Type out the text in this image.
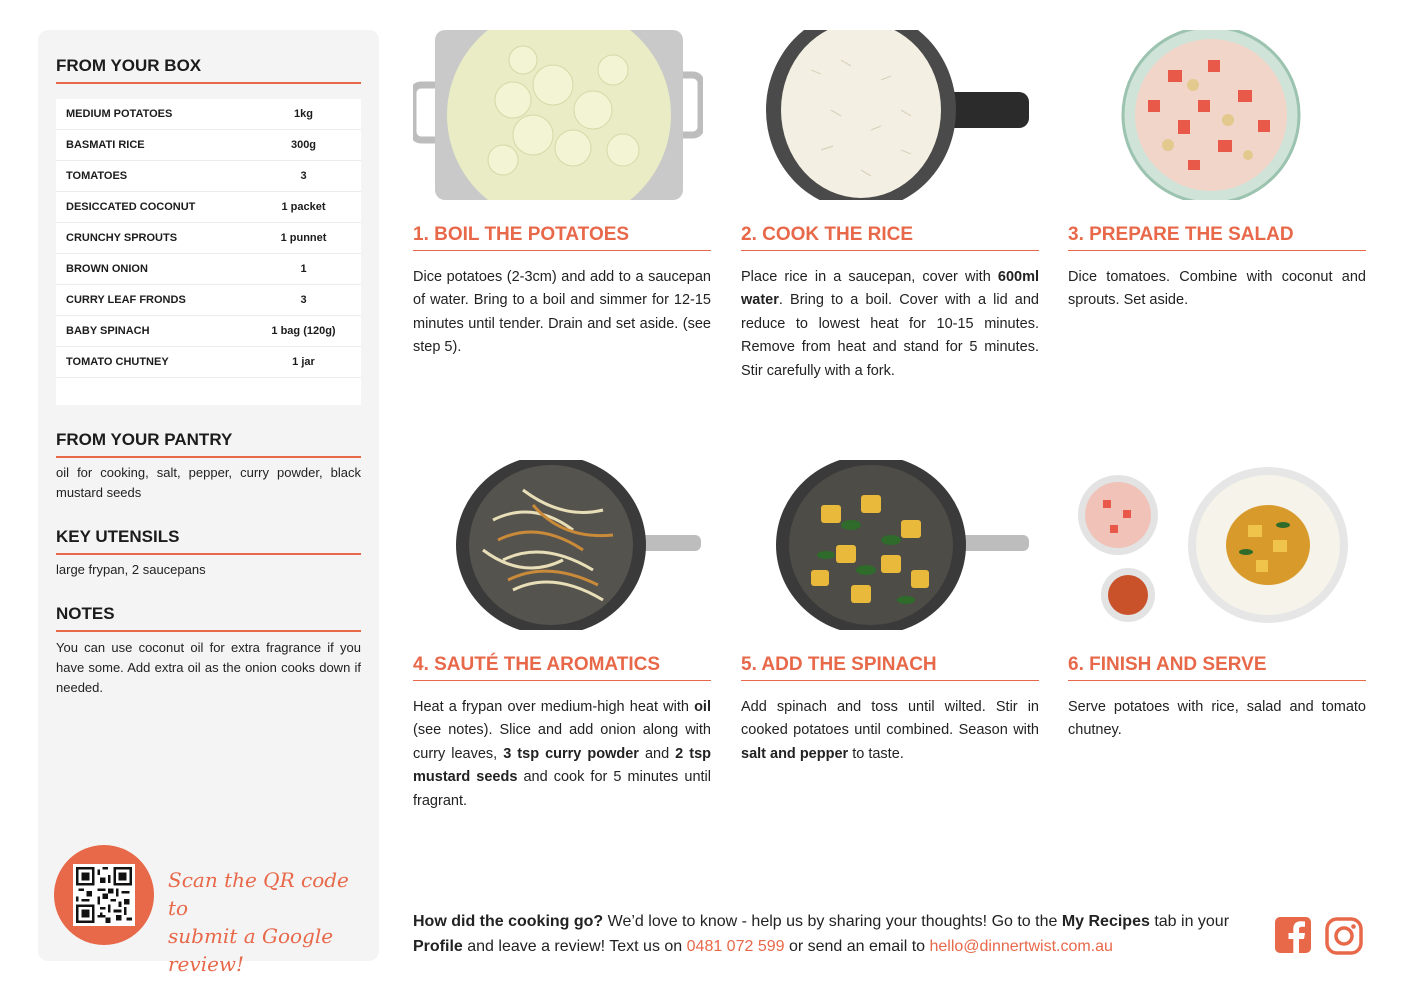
FROM YOUR BOX
MEDIUM POTATOES	1kg
BASMATI RICE	300g
TOMATOES	3
DESICCATED COCONUT	1 packet
CRUNCHY SPROUTS	1 punnet
BROWN ONION	1
CURRY LEAF FRONDS	3
BABY SPINACH	1 bag (120g)
TOMATO CHUTNEY	1 jar
FROM YOUR PANTRY
oil for cooking, salt, pepper, curry powder, black mustard seeds
KEY UTENSILS
large frypan, 2 saucepans
NOTES
You can use coconut oil for extra fragrance if you have some. Add extra oil as the onion cooks down if needed.
Scan the QR code to
submit a Google review!
1. BOIL THE POTATOES
Dice potatoes (2-3cm) and add to a saucepan of water. Bring to a boil and simmer for 12-15 minutes until tender. Drain and set aside. (see step 5).
2. COOK THE RICE
Place rice in a saucepan, cover with 600ml water. Bring to a boil. Cover with a lid and reduce to lowest heat for 10-15 minutes. Remove from heat and stand for 5 minutes. Stir carefully with a fork.
3. PREPARE THE SALAD
Dice tomatoes. Combine with coconut and sprouts. Set aside.
4. SAUTÉ THE AROMATICS
Heat a frypan over medium-high heat with oil (see notes). Slice and add onion along with curry leaves, 3 tsp curry powder and 2 tsp mustard seeds and cook for 5 minutes until fragrant.
5. ADD THE SPINACH
Add spinach and toss until wilted. Stir in cooked potatoes until combined. Season with salt and pepper to taste.
6. FINISH AND SERVE
Serve potatoes with rice, salad and tomato chutney.
How did the cooking go? We’d love to know - help us by sharing your thoughts! Go to the My Recipes tab in your Profile and leave a review! Text us on 0481 072 599 or send an email to hello@dinnertwist.com.au
